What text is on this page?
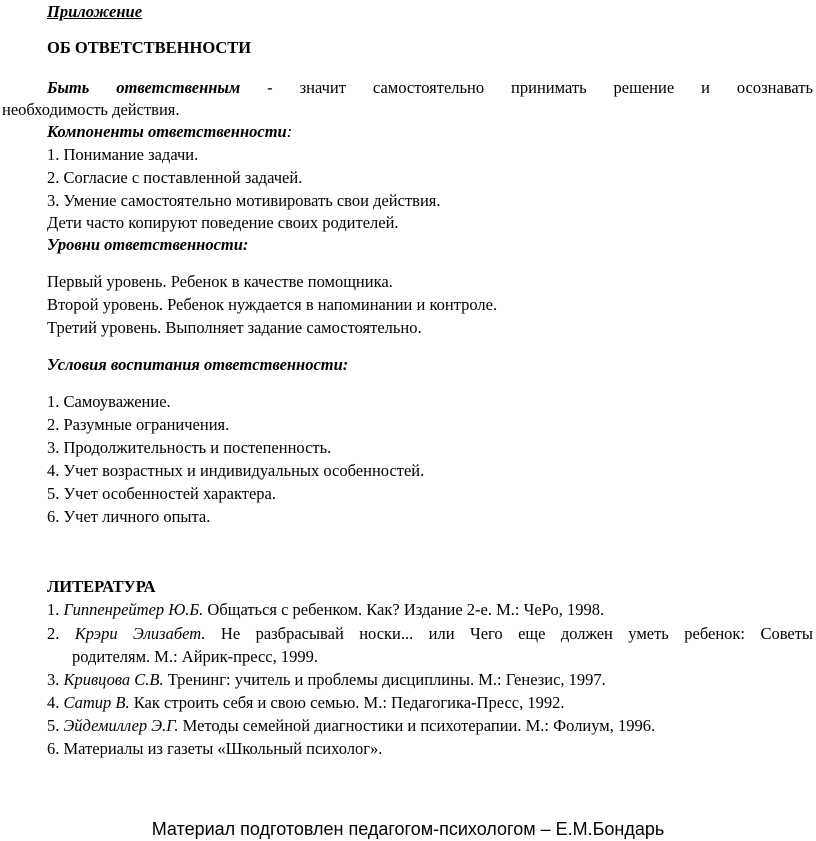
Приложение
ОБ ОТВЕТСТВЕННОСТИ
Быть ответственным - значит самостоятельно принимать решение и осознавать
необходимость действия.
Компоненты ответственности:
1. Понимание задачи.
2. Согласие с поставленной задачей.
3. Умение самостоятельно мотивировать свои действия.
Дети часто копируют поведение своих родителей.
Уровни ответственности:
Первый уровень. Ребенок в качестве помощника.
Второй уровень. Ребенок нуждается в напоминании и контроле.
Третий уровень. Выполняет задание самостоятельно.
Условия воспитания ответственности:
1. Самоуважение.
2. Разумные ограничения.
3. Продолжительность и постепенность.
4. Учет возрастных и индивидуальных особенностей.
5. Учет особенностей характера.
6. Учет личного опыта.
ЛИТЕРАТУРА
1. Гиппенрейтер Ю.Б. Общаться с ребенком. Как? Издание 2-е. М.: ЧеРо, 1998.
2. Крэри Элизабет. Не разбрасывай носки... или Чего еще должен уметь ребенок: Советы
родителям. М.: Айрик-пресс, 1999.
3. Кривцова С.В. Тренинг: учитель и проблемы дисциплины. М.: Генезис, 1997.
4. Сатир В. Как строить себя и свою семью. М.: Педагогика-Пресс, 1992.
5. Эйдемиллер Э.Г. Методы семейной диагностики и психотерапии. М.: Фолиум, 1996.
6. Материалы из газеты «Школьный психолог».
Материал подготовлен педагогом-психологом – Е.М.Бондарь
